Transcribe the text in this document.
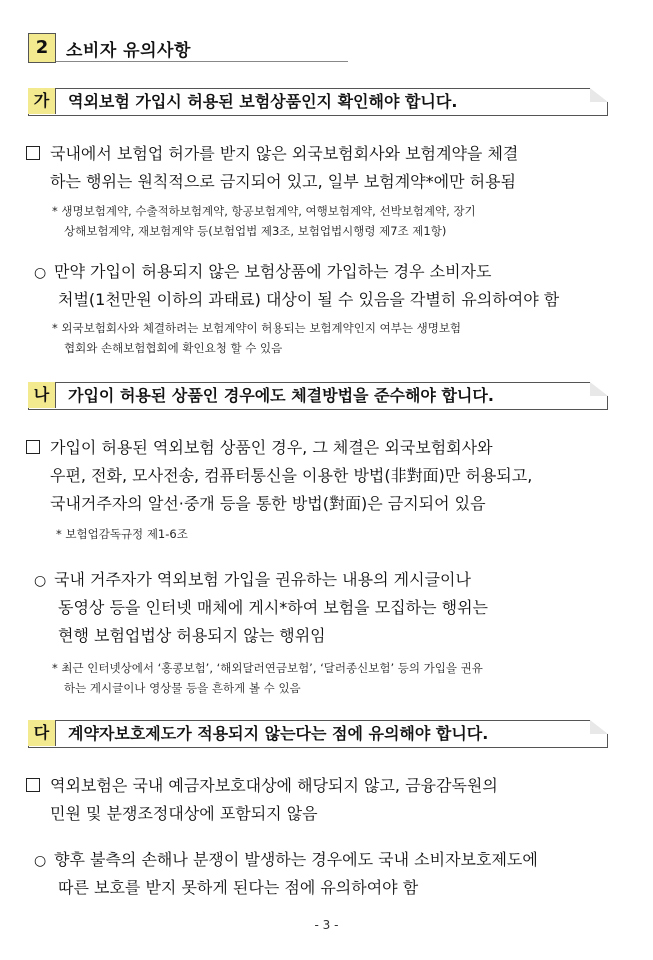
2	소비자 유의사항
가	역외보험 가입시 허용된 보험상품인지 확인해야 합니다.
국내에서 보험업 허가를 받지 않은 외국보험회사와 보험계약을 체결
하는 행위는 원칙적으로 금지되어 있고, 일부 보험계약*에만 허용됨
* 생명보험계약, 수출적하보험계약, 항공보험계약, 여행보험계약, 선박보험계약, 장기
상해보험계약, 재보험계약 등(보험업법 제3조, 보험업법시행령 제7조 제1항)
○ 만약 가입이 허용되지 않은 보험상품에 가입하는 경우 소비자도
처벌(1천만원 이하의 과태료) 대상이 될 수 있음을 각별히 유의하여야 함
* 외국보험회사와 체결하려는 보험계약이 허용되는 보험계약인지 여부는 생명보험
협회와 손해보험협회에 확인요청 할 수 있음
나	가입이 허용된 상품인 경우에도 체결방법을 준수해야 합니다.
가입이 허용된 역외보험 상품인 경우, 그 체결은 외국보험회사와
우편, 전화, 모사전송, 컴퓨터통신을 이용한 방법(非對面)만 허용되고,
국내거주자의 알선·중개 등을 통한 방법(對面)은 금지되어 있음
* 보험업감독규정 제1-6조
○ 국내 거주자가 역외보험 가입을 권유하는 내용의 게시글이나
동영상 등을 인터넷 매체에 게시*하여 보험을 모집하는 행위는
현행 보험업법상 허용되지 않는 행위임
* 최근 인터넷상에서 ‘홍콩보험’, ‘해외달러연금보험’, ‘달러종신보험’ 등의 가입을 권유
하는 게시글이나 영상물 등을 흔하게 볼 수 있음
다	계약자보호제도가 적용되지 않는다는 점에 유의해야 합니다.
역외보험은 국내 예금자보호대상에 해당되지 않고, 금융감독원의
민원 및 분쟁조정대상에 포함되지 않음
○ 향후 불측의 손해나 분쟁이 발생하는 경우에도 국내 소비자보호제도에
따른 보호를 받지 못하게 된다는 점에 유의하여야 함
- 3 -
